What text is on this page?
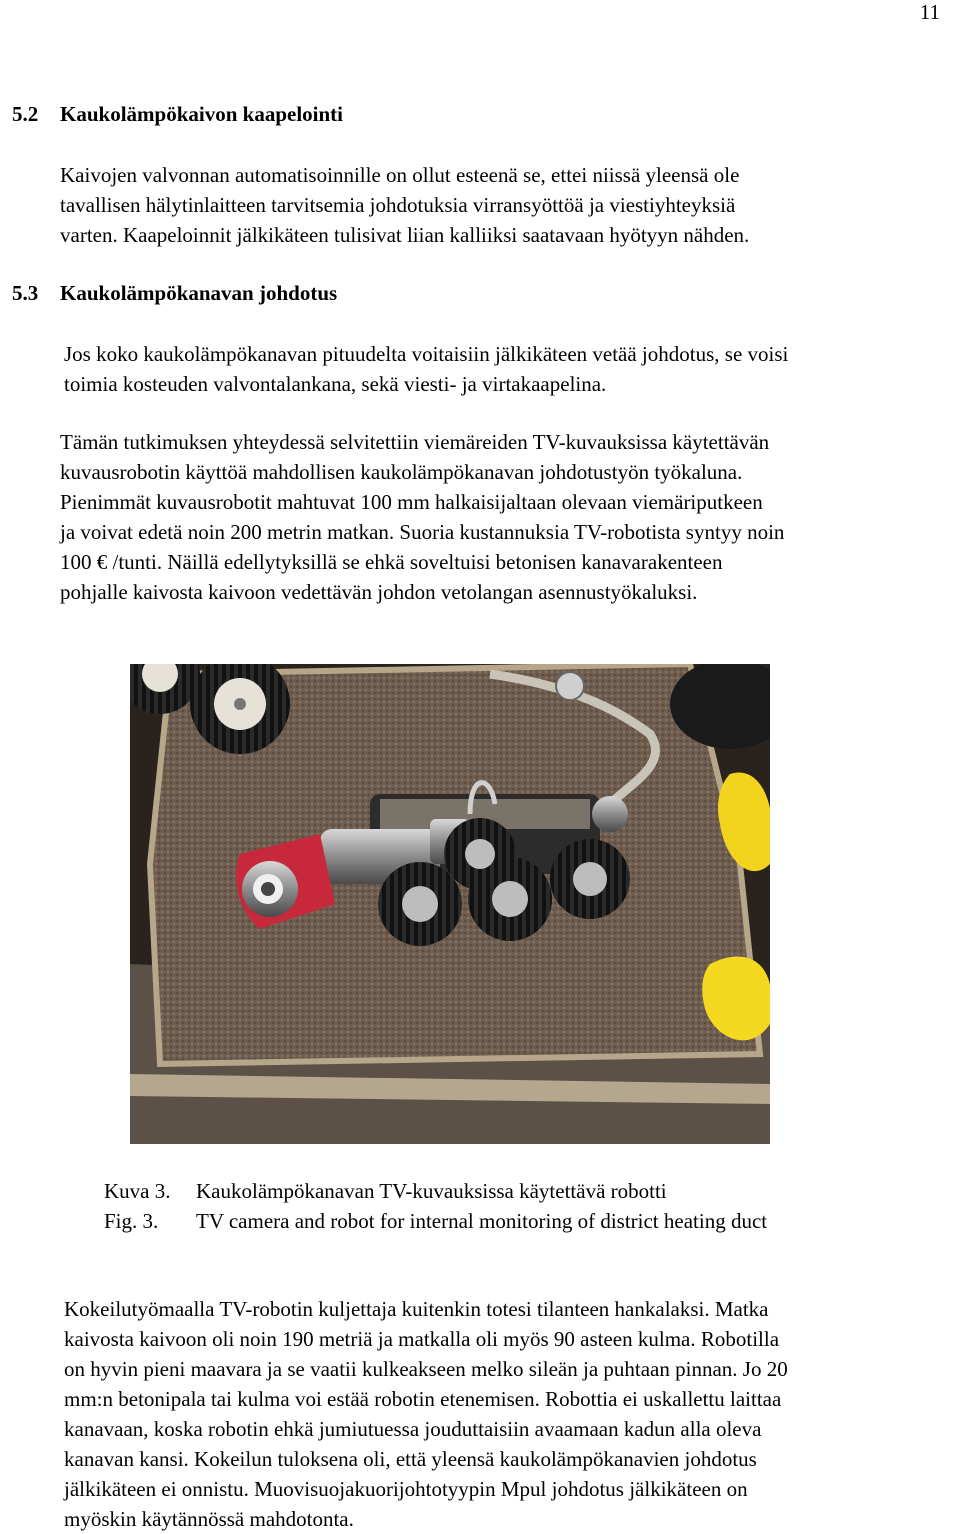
11
5.2 Kaukolämpökaivon kaapelointi
Kaivojen valvonnan automatisoinnille on ollut esteenä se, ettei niissä yleensä ole
tavallisen hälytinlaitteen tarvitsemia johdotuksia virransyöttöä ja viestiyhteyksiä
varten. Kaapeloinnit jälkikäteen tulisivat liian kalliiksi saatavaan hyötyyn nähden.
5.3 Kaukolämpökanavan johdotus
Jos koko kaukolämpökanavan pituudelta voitaisiin jälkikäteen vetää johdotus, se voisi
toimia kosteuden valvontalankana, sekä viesti- ja virtakaapelina.
Tämän tutkimuksen yhteydessä selvitettiin viemäreiden TV-kuvauksissa käytettävän
kuvausrobotin käyttöä mahdollisen kaukolämpökanavan johdotustyön työkaluna.
Pienimmät kuvausrobotit mahtuvat 100 mm halkaisijaltaan olevaan viemäriputkeen
ja voivat edetä noin 200 metrin matkan. Suoria kustannuksia TV-robotista syntyy noin
100 € /tunti. Näillä edellytyksillä se ehkä soveltuisi betonisen kanavarakenteen
pohjalle kaivosta kaivoon vedettävän johdon vetolangan asennustyökaluksi.
Kuva 3. Kaukolämpökanavan TV-kuvauksissa käytettävä robotti
Fig. 3. TV camera and robot for internal monitoring of district heating duct
Kokeilutyömaalla TV-robotin kuljettaja kuitenkin totesi tilanteen hankalaksi. Matka
kaivosta kaivoon oli noin 190 metriä ja matkalla oli myös 90 asteen kulma. Robotilla
on hyvin pieni maavara ja se vaatii kulkeakseen melko sileän ja puhtaan pinnan. Jo 20
mm:n betonipala tai kulma voi estää robotin etenemisen. Robottia ei uskallettu laittaa
kanavaan, koska robotin ehkä jumiutuessa jouduttaisiin avaamaan kadun alla oleva
kanavan kansi. Kokeilun tuloksena oli, että yleensä kaukolämpökanavien johdotus
jälkikäteen ei onnistu. Muovisuojakuorijohtotyypin Mpul johdotus jälkikäteen on
myöskin käytännössä mahdotonta.
